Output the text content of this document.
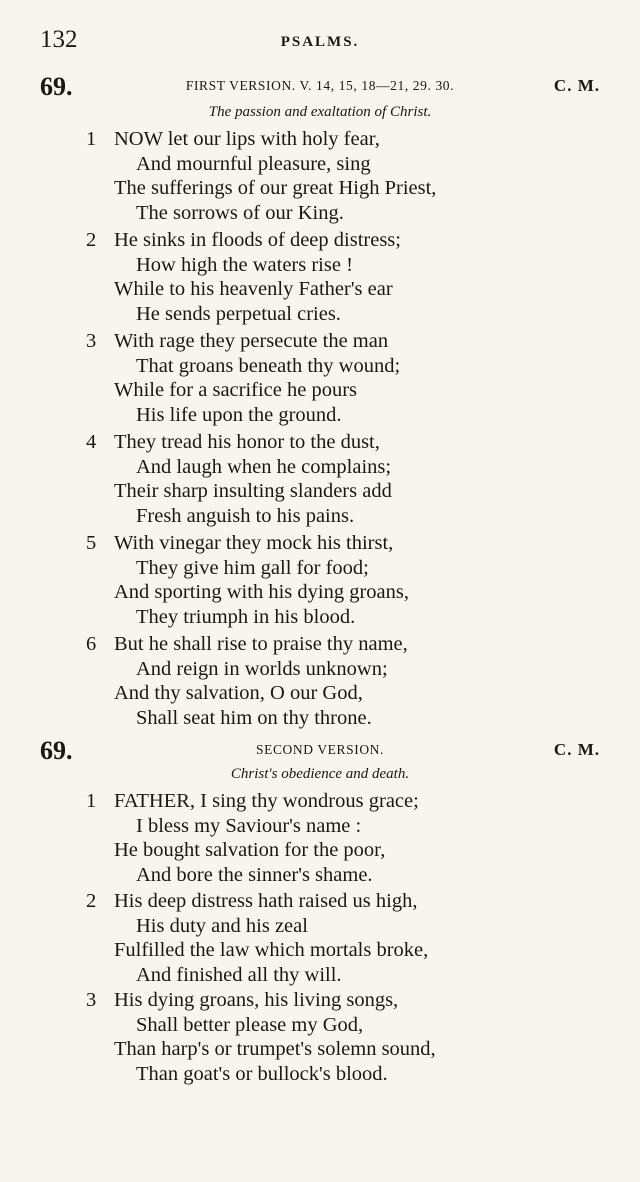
132	PSALMS.
69.	FIRST VERSION. V. 14, 15, 18—21, 29. 30.	C. M.
The passion and exaltation of Christ.
1 NOW let our lips with holy fear,
And mournful pleasure, sing
The sufferings of our great High Priest,
The sorrows of our King.
2 He sinks in floods of deep distress;
How high the waters rise !
While to his heavenly Father's ear
He sends perpetual cries.
3 With rage they persecute the man
That groans beneath thy wound;
While for a sacrifice he pours
His life upon the ground.
4 They tread his honor to the dust,
And laugh when he complains;
Their sharp insulting slanders add
Fresh anguish to his pains.
5 With vinegar they mock his thirst,
They give him gall for food;
And sporting with his dying groans,
They triumph in his blood.
6 But he shall rise to praise thy name,
And reign in worlds unknown;
And thy salvation, O our God,
Shall seat him on thy throne.
69.	SECOND VERSION.	C. M.
Christ's obedience and death.
1 FATHER, I sing thy wondrous grace;
I bless my Saviour's name :
He bought salvation for the poor,
And bore the sinner's shame.
2 His deep distress hath raised us high,
His duty and his zeal
Fulfilled the law which mortals broke,
And finished all thy will.
3 His dying groans, his living songs,
Shall better please my God,
Than harp's or trumpet's solemn sound,
Than goat's or bullock's blood.
